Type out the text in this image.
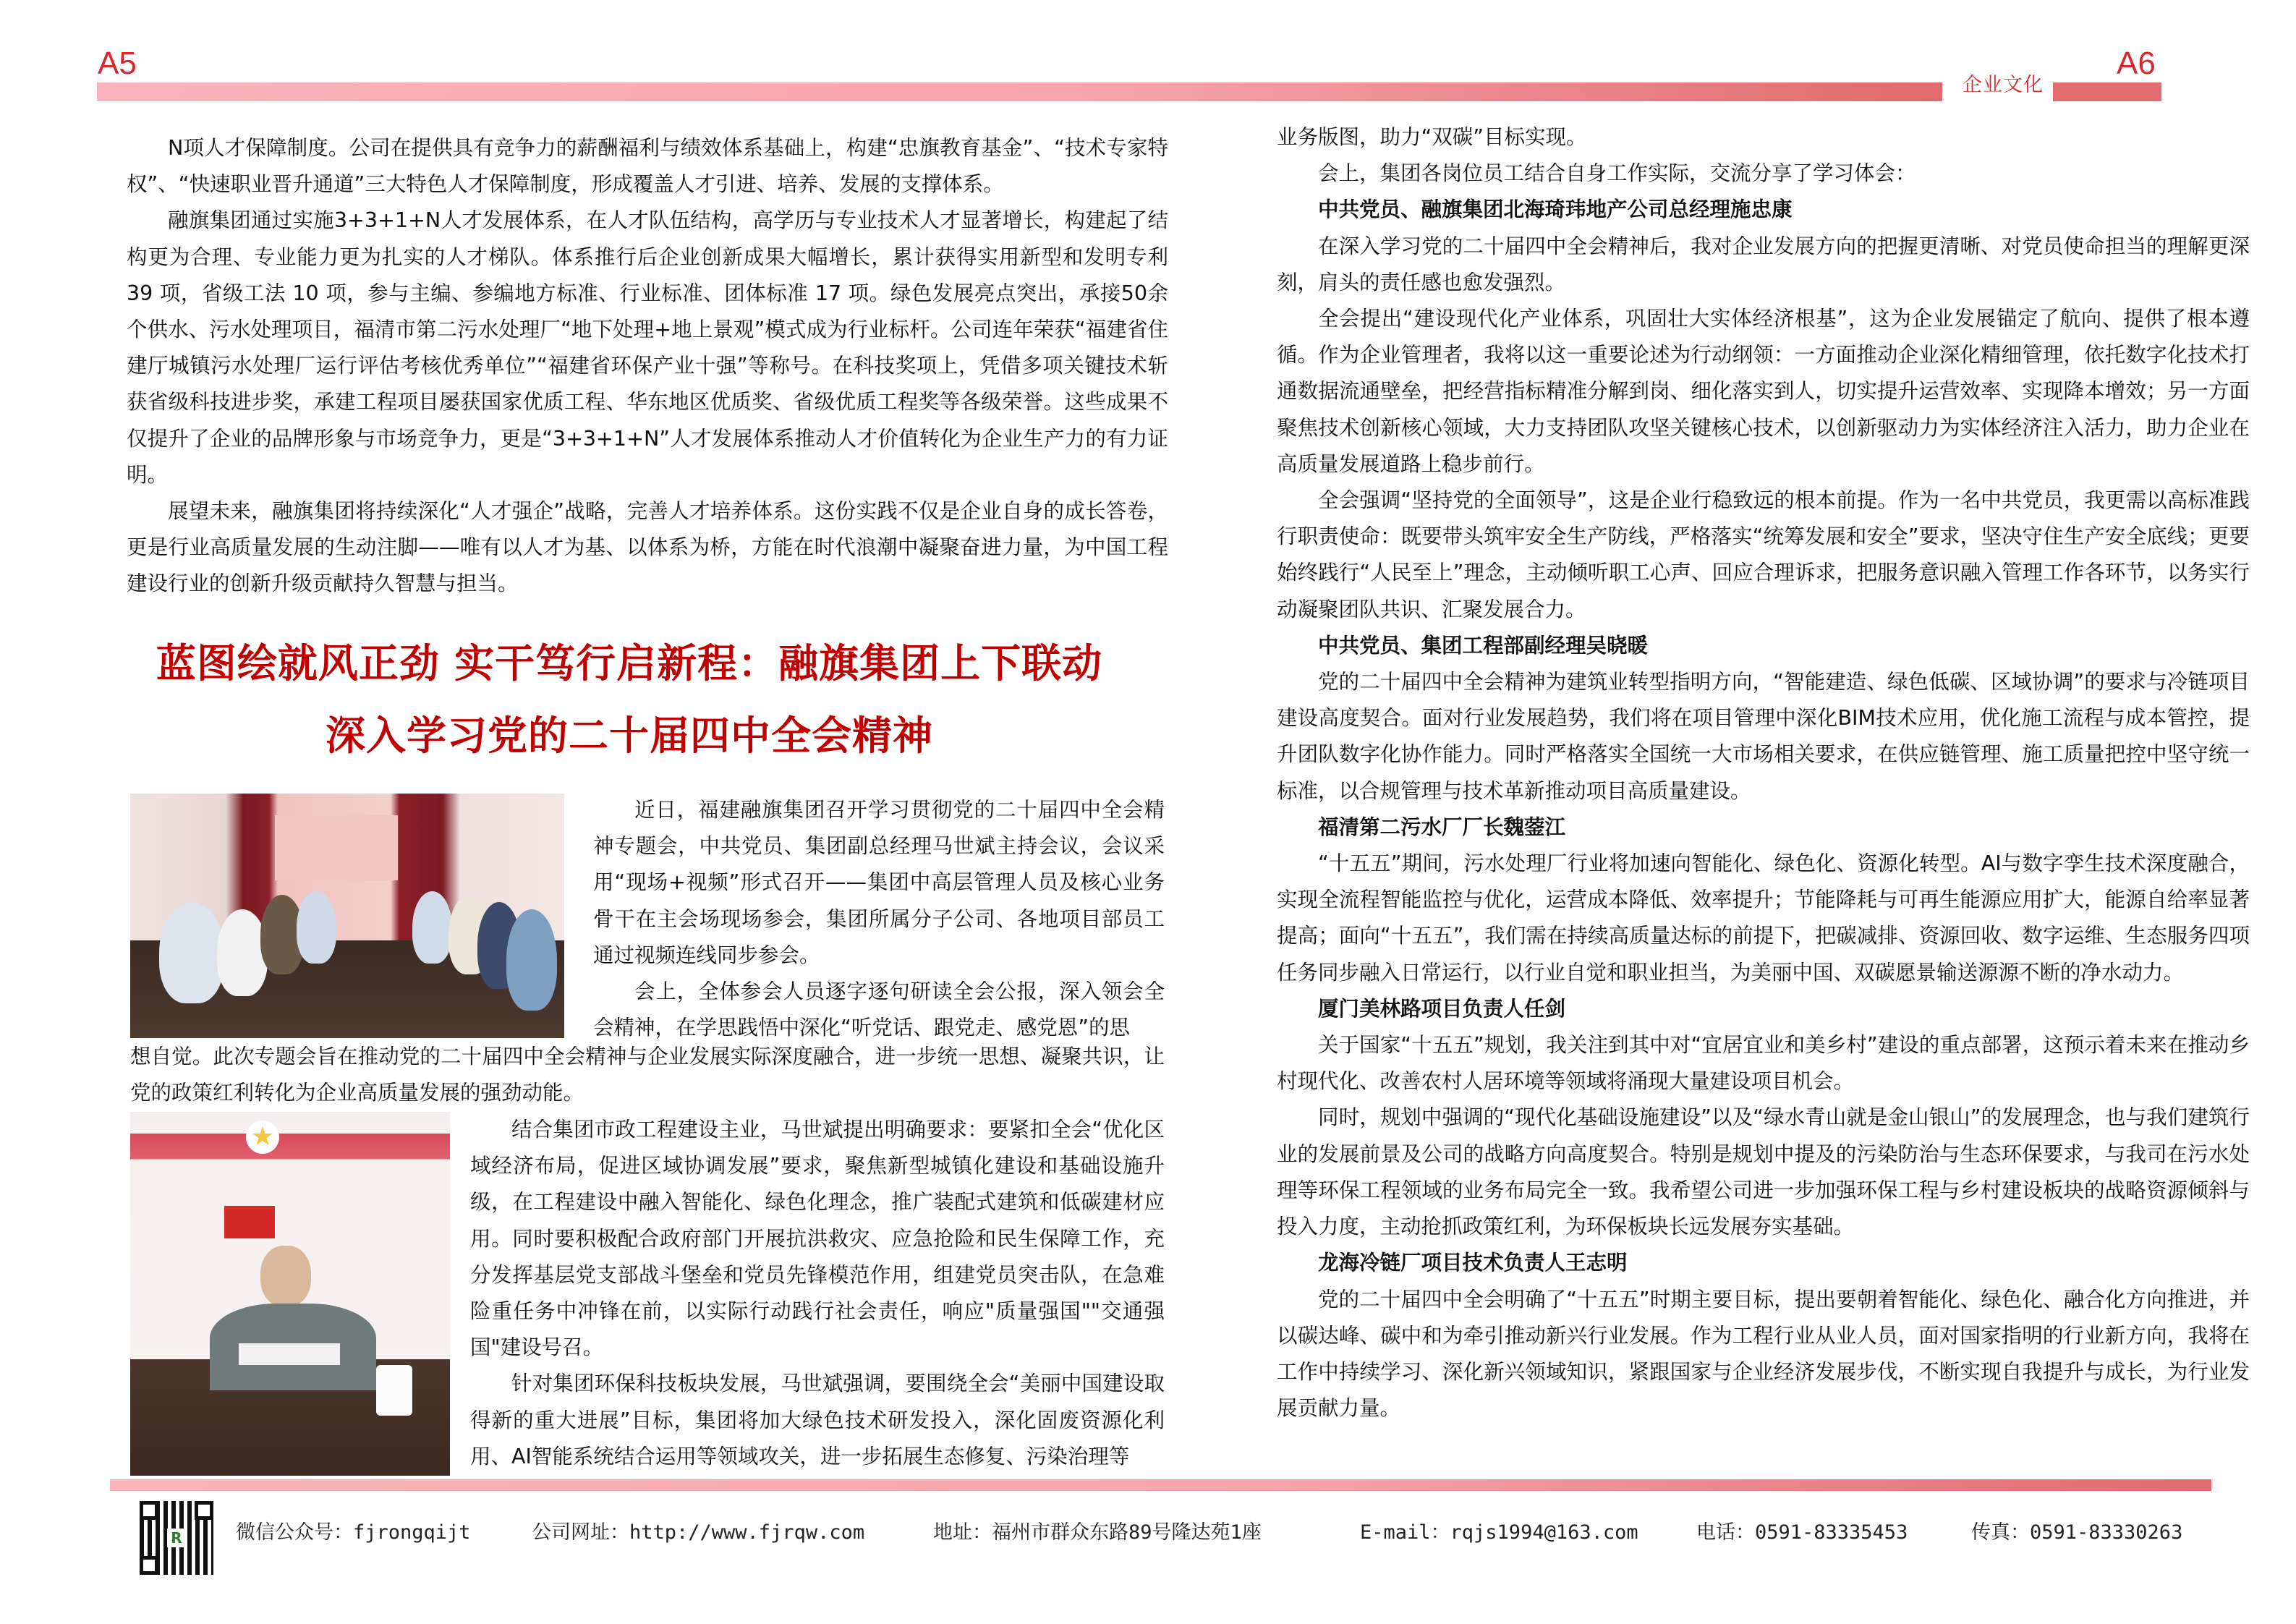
A5
企业文化
A6

N项人才保障制度。公司在提供具有竞争力的薪酬福利与绩效体系基础上，构建“忠旗教育基金”、“技术专家特权”、“快速职业晋升通道”三大特色人才保障制度，形成覆盖人才引进、培养、发展的支撑体系。

融旗集团通过实施3+3+1+N人才发展体系，在人才队伍结构，高学历与专业技术人才显著增长，构建起了结构更为合理、专业能力更为扎实的人才梯队。体系推行后企业创新成果大幅增长，累计获得实用新型和发明专利 39 项，省级工法 10 项，参与主编、参编地方标准、行业标准、团体标准 17 项。绿色发展亮点突出，承接50余个供水、污水处理项目，福清市第二污水处理厂“地下处理+地上景观”模式成为行业标杆。公司连年荣获“福建省住建厅城镇污水处理厂运行评估考核优秀单位”“福建省环保产业十强”等称号。在科技奖项上，凭借多项关键技术斩获省级科技进步奖，承建工程项目屡获国家优质工程、华东地区优质奖、省级优质工程奖等各级荣誉。这些成果不仅提升了企业的品牌形象与市场竞争力，更是“3+3+1+N”人才发展体系推动人才价值转化为企业生产力的有力证明。

展望未来，融旗集团将持续深化“人才强企”战略，完善人才培养体系。这份实践不仅是企业自身的成长答卷，更是行业高质量发展的生动注脚——唯有以人才为基、以体系为桥，方能在时代浪潮中凝聚奋进力量，为中国工程建设行业的创新升级贡献持久智慧与担当。

蓝图绘就风正劲 实干笃行启新程：融旗集团上下联动
深入学习党的二十届四中全会精神

近日，福建融旗集团召开学习贯彻党的二十届四中全会精神专题会，中共党员、集团副总经理马世斌主持会议，会议采用“现场+视频”形式召开——集团中高层管理人员及核心业务骨干在主会场现场参会，集团所属分子公司、各地项目部员工通过视频连线同步参会。

会上，全体参会人员逐字逐句研读全会公报，深入领会全会精神，在学思践悟中深化“听党话、跟党走、感党恩”的思

想自觉。此次专题会旨在推动党的二十届四中全会精神与企业发展实际深度融合，进一步统一思想、凝聚共识，让党的政策红利转化为企业高质量发展的强劲动能。

★	结合集团市政工程建设主业，马世斌提出明确要求：要紧扣全会“优化区域经济布局，促进区域协调发展”要求，聚焦新型城镇化建设和基础设施升级，在工程建设中融入智能化、绿色化理念，推广装配式建筑和低碳建材应用。同时要积极配合政府部门开展抗洪救灾、应急抢险和民生保障工作，充分发挥基层党支部战斗堡垒和党员先锋模范作用，组建党员突击队，在急难险重任务中冲锋在前，以实际行动践行社会责任，响应"质量强国""交通强国"建设号召。

针对集团环保科技板块发展，马世斌强调，要围绕全会“美丽中国建设取得新的重大进展”目标，集团将加大绿色技术研发投入，深化固废资源化利用、AI智能系统结合运用等领域攻关，进一步拓展生态修复、污染治理等

业务版图，助力“双碳”目标实现。

会上，集团各岗位员工结合自身工作实际，交流分享了学习体会：

中共党员、融旗集团北海琦玮地产公司总经理施忠康

在深入学习党的二十届四中全会精神后，我对企业发展方向的把握更清晰、对党员使命担当的理解更深刻，肩头的责任感也愈发强烈。

全会提出“建设现代化产业体系，巩固壮大实体经济根基”，这为企业发展锚定了航向、提供了根本遵循。作为企业管理者，我将以这一重要论述为行动纲领：一方面推动企业深化精细管理，依托数字化技术打通数据流通壁垒，把经营指标精准分解到岗、细化落实到人，切实提升运营效率、实现降本增效；另一方面聚焦技术创新核心领域，大力支持团队攻坚关键核心技术，以创新驱动力为实体经济注入活力，助力企业在高质量发展道路上稳步前行。

全会强调“坚持党的全面领导”，这是企业行稳致远的根本前提。作为一名中共党员，我更需以高标准践行职责使命：既要带头筑牢安全生产防线，严格落实“统筹发展和安全”要求，坚决守住生产安全底线；更要始终践行“人民至上”理念，主动倾听职工心声、回应合理诉求，把服务意识融入管理工作各环节，以务实行动凝聚团队共识、汇聚发展合力。

中共党员、集团工程部副经理吴晓暖

党的二十届四中全会精神为建筑业转型指明方向，“智能建造、绿色低碳、区域协调”的要求与冷链项目建设高度契合。面对行业发展趋势，我们将在项目管理中深化BIM技术应用，优化施工流程与成本管控，提升团队数字化协作能力。同时严格落实全国统一大市场相关要求，在供应链管理、施工质量把控中坚守统一标准，以合规管理与技术革新推动项目高质量建设。

福清第二污水厂厂长魏蓥江

“十五五”期间，污水处理厂行业将加速向智能化、绿色化、资源化转型。AI与数字孪生技术深度融合，实现全流程智能监控与优化，运营成本降低、效率提升；节能降耗与可再生能源应用扩大，能源自给率显著提高；面向“十五五”，我们需在持续高质量达标的前提下，把碳减排、资源回收、数字运维、生态服务四项任务同步融入日常运行，以行业自觉和职业担当，为美丽中国、双碳愿景输送源源不断的净水动力。

厦门美林路项目负责人任剑

关于国家“十五五”规划，我关注到其中对“宜居宜业和美乡村”建设的重点部署，这预示着未来在推动乡村现代化、改善农村人居环境等领域将涌现大量建设项目机会。

同时，规划中强调的“现代化基础设施建设”以及“绿水青山就是金山银山”的发展理念，也与我们建筑行业的发展前景及公司的战略方向高度契合。特别是规划中提及的污染防治与生态环保要求，与我司在污水处理等环保工程领域的业务布局完全一致。我希望公司进一步加强环保工程与乡村建设板块的战略资源倾斜与投入力度，主动抢抓政策红利，为环保板块长远发展夯实基础。

龙海冷链厂项目技术负责人王志明

党的二十届四中全会明确了“十五五”时期主要目标，提出要朝着智能化、绿色化、融合化方向推进，并以碳达峰、碳中和为牵引推动新兴行业发展。作为工程行业从业人员，面对国家指明的行业新方向，我将在工作中持续学习、深化新兴领域知识，紧跟国家与企业经济发展步伐，不断实现自我提升与成长，为行业发展贡献力量。

R	微信公众号：fjrongqijt	公司网址：http://www.fjrqw.com	地址：福州市群众东路89号隆达苑1座	E-mail：rqjs1994@163.com	电话：0591-83335453	传真：0591-83330263
